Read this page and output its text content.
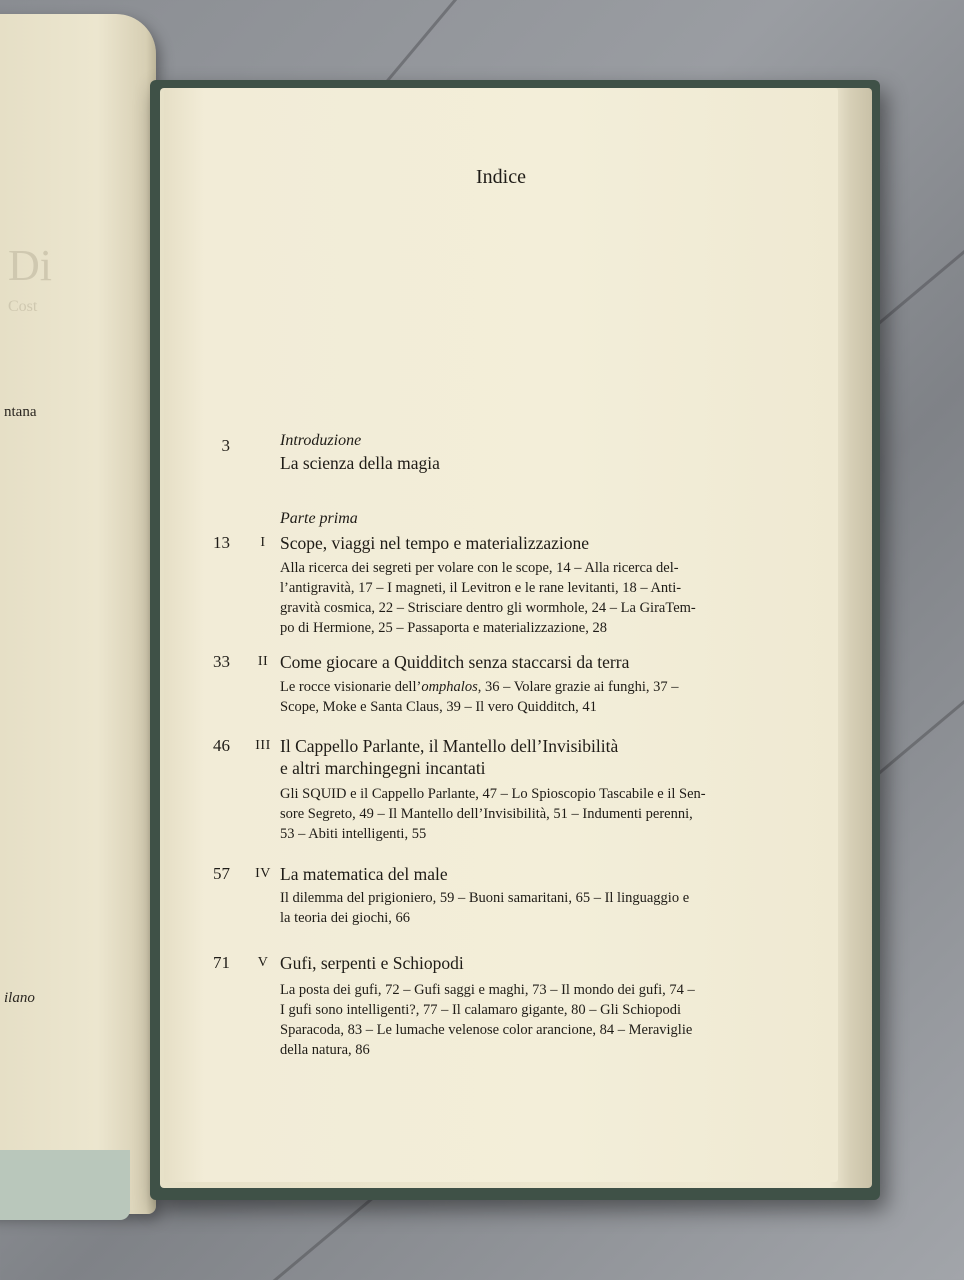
Di
Cost
ntana
ilano
Indice
3	Introduzione
La scienza della magia
Parte prima
13	I Scope, viaggi nel tempo e materializzazione
Alla ricerca dei segreti per volare con le scope, 14 – Alla ricerca del-
l’antigravità, 17 – I magneti, il Levitron e le rane levitanti, 18 – Anti-
gravità cosmica, 22 – Strisciare dentro gli wormhole, 24 – La GiraTem-
po di Hermione, 25 – Passaporta e materializzazione, 28
33	II Come giocare a Quidditch senza staccarsi da terra
Le rocce visionarie dell’omphalos, 36 – Volare grazie ai funghi, 37 –
Scope, Moke e Santa Claus, 39 – Il vero Quidditch, 41
46	III Il Cappello Parlante, il Mantello dell’Invisibilità
e altri marchingegni incantati
Gli SQUID e il Cappello Parlante, 47 – Lo Spioscopio Tascabile e il Sen-
sore Segreto, 49 – Il Mantello dell’Invisibilità, 51 – Indumenti perenni,
53 – Abiti intelligenti, 55
57	IV La matematica del male
Il dilemma del prigioniero, 59 – Buoni samaritani, 65 – Il linguaggio e
la teoria dei giochi, 66
71	V Gufi, serpenti e Schiopodi
La posta dei gufi, 72 – Gufi saggi e maghi, 73 – Il mondo dei gufi, 74 –
I gufi sono intelligenti?, 77 – Il calamaro gigante, 80 – Gli Schiopodi
Sparacoda, 83 – Le lumache velenose color arancione, 84 – Meraviglie
della natura, 86
